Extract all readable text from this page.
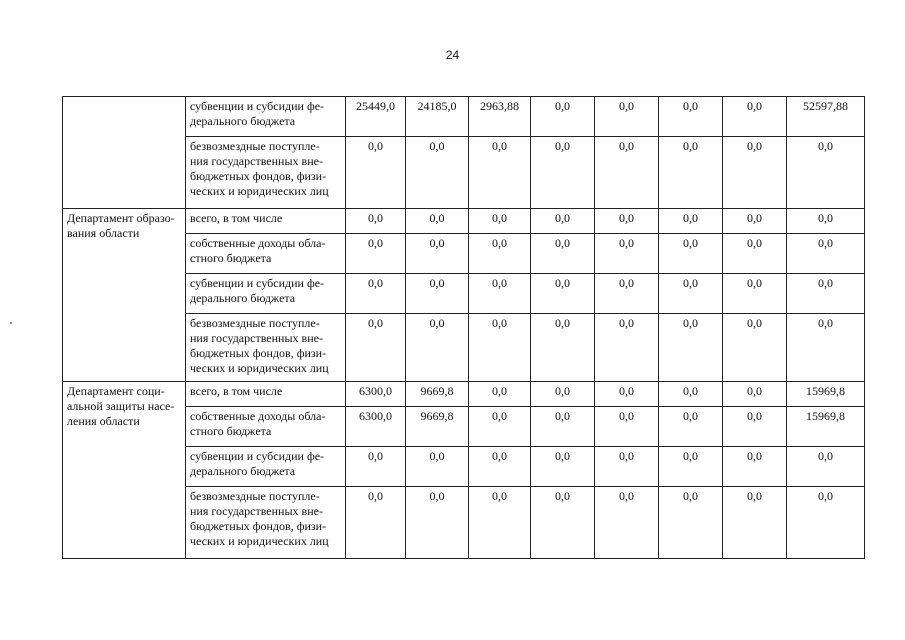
24

	субвенции и субсидии фе-
дерального бюджета	25449,0	24185,0	2963,88	0,0	0,0	0,0	0,0	52597,88

	безвозмездные поступле-
ния государственных вне-
бюджетных фондов, физи-
ческих и юридических лиц	0,0	0,0	0,0	0,0	0,0	0,0	0,0	0,0

Департамент образо-
вания области	всего, в том числе	0,0	0,0	0,0	0,0	0,0	0,0	0,0	0,0

	собственные доходы обла-
стного бюджета	0,0	0,0	0,0	0,0	0,0	0,0	0,0	0,0

	субвенции и субсидии фе-
дерального бюджета	0,0	0,0	0,0	0,0	0,0	0,0	0,0	0,0

	безвозмездные поступле-
ния государственных вне-
бюджетных фондов, физи-
ческих и юридических лиц	0,0	0,0	0,0	0,0	0,0	0,0	0,0	0,0

Департамент соци-
альной защиты насе-
ления области	всего, в том числе	6300,0	9669,8	0,0	0,0	0,0	0,0	0,0	15969,8

	собственные доходы обла-
стного бюджета	6300,0	9669,8	0,0	0,0	0,0	0,0	0,0	15969,8

	субвенции и субсидии фе-
дерального бюджета	0,0	0,0	0,0	0,0	0,0	0,0	0,0	0,0

	безвозмездные поступле-
ния государственных вне-
бюджетных фондов, физи-
ческих и юридических лиц	0,0	0,0	0,0	0,0	0,0	0,0	0,0	0,0
